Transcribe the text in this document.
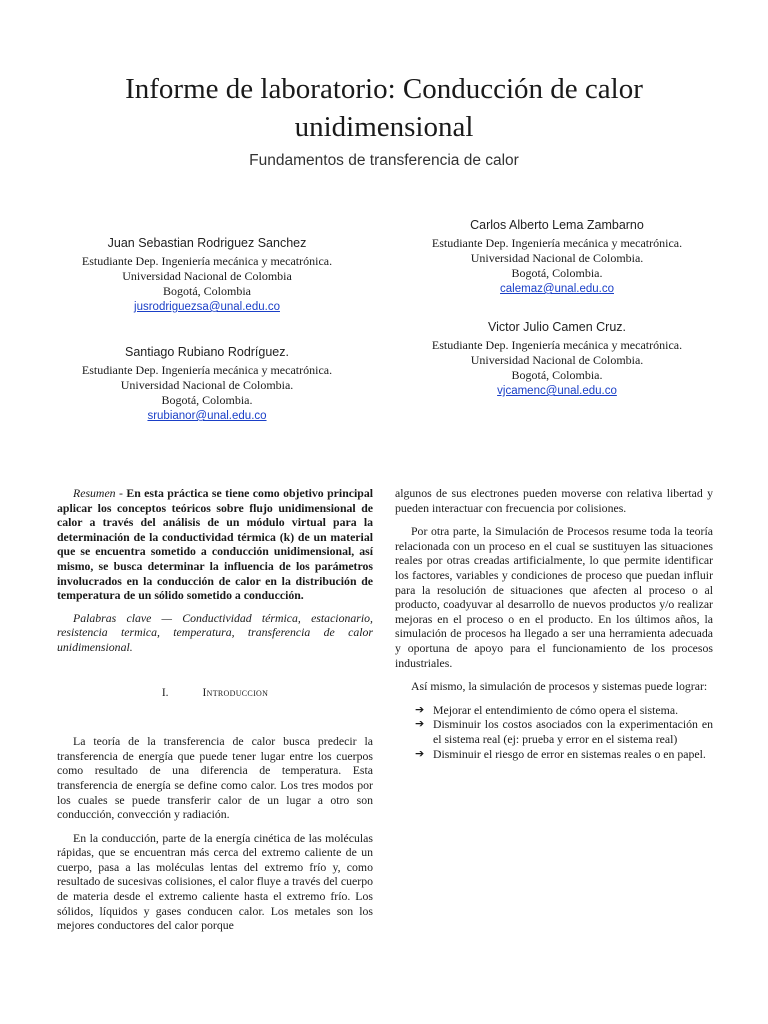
Informe de laboratorio: Conducción de calor unidimensional
Fundamentos de transferencia de calor
Juan Sebastian Rodriguez Sanchez
Estudiante Dep. Ingeniería mecánica y mecatrónica.
Universidad Nacional de Colombia
Bogotá, Colombia
jusrodriguezsa@unal.edu.co
Santiago Rubiano Rodríguez.
Estudiante Dep. Ingeniería mecánica y mecatrónica.
Universidad Nacional de Colombia.
Bogotá, Colombia.
srubianor@unal.edu.co
Carlos Alberto Lema Zambarno
Estudiante Dep. Ingeniería mecánica y mecatrónica.
Universidad Nacional de Colombia.
Bogotá, Colombia.
calemaz@unal.edu.co
Victor Julio Camen Cruz.
Estudiante Dep. Ingeniería mecánica y mecatrónica.
Universidad Nacional de Colombia.
Bogotá, Colombia.
vjcamenc@unal.edu.co

Resumen - En esta práctica se tiene como objetivo principal aplicar los conceptos teóricos sobre flujo unidimensional de calor a través del análisis de un módulo virtual para la determinación de la conductividad térmica (k) de un material que se encuentra sometido a conducción unidimensional, así mismo, se busca determinar la influencia de los parámetros involucrados en la conducción de calor en la distribución de temperatura de un sólido sometido a conducción.

Palabras clave — Conductividad térmica, estacionario, resistencia termica, temperatura, transferencia de calor unidimensional.

I.	Introduccion

La teoría de la transferencia de calor busca predecir la transferencia de energía que puede tener lugar entre los cuerpos como resultado de una diferencia de temperatura. Esta transferencia de energía se define como calor. Los tres modos por los cuales se puede transferir calor de un lugar a otro son conducción, convección y radiación.

En la conducción, parte de la energía cinética de las moléculas rápidas, que se encuentran más cerca del extremo caliente de un cuerpo, pasa a las moléculas lentas del extremo frío y, como resultado de sucesivas colisiones, el calor fluye a través del cuerpo de materia desde el extremo caliente hasta el extremo frío. Los sólidos, líquidos y gases conducen calor. Los metales son los mejores conductores del calor porque

algunos de sus electrones pueden moverse con relativa libertad y pueden interactuar con frecuencia por colisiones.

Por otra parte, la Simulación de Procesos resume toda la teoría relacionada con un proceso en el cual se sustituyen las situaciones reales por otras creadas artificialmente, lo que permite identificar los factores, variables y condiciones de proceso que puedan influir para la resolución de situaciones que afecten al proceso o al producto, coadyuvar al desarrollo de nuevos productos y/o realizar mejoras en el proceso o en el producto. En los últimos años, la simulación de procesos ha llegado a ser una herramienta adecuada y oportuna de apoyo para el funcionamiento de los procesos industriales.

Así mismo, la simulación de procesos y sistemas puede lograr:

➔ Mejorar el entendimiento de cómo opera el sistema.
➔ Disminuir los costos asociados con la experimentación en el sistema real (ej: prueba y error en el sistema real)
➔ Disminuir el riesgo de error en sistemas reales o en papel.
